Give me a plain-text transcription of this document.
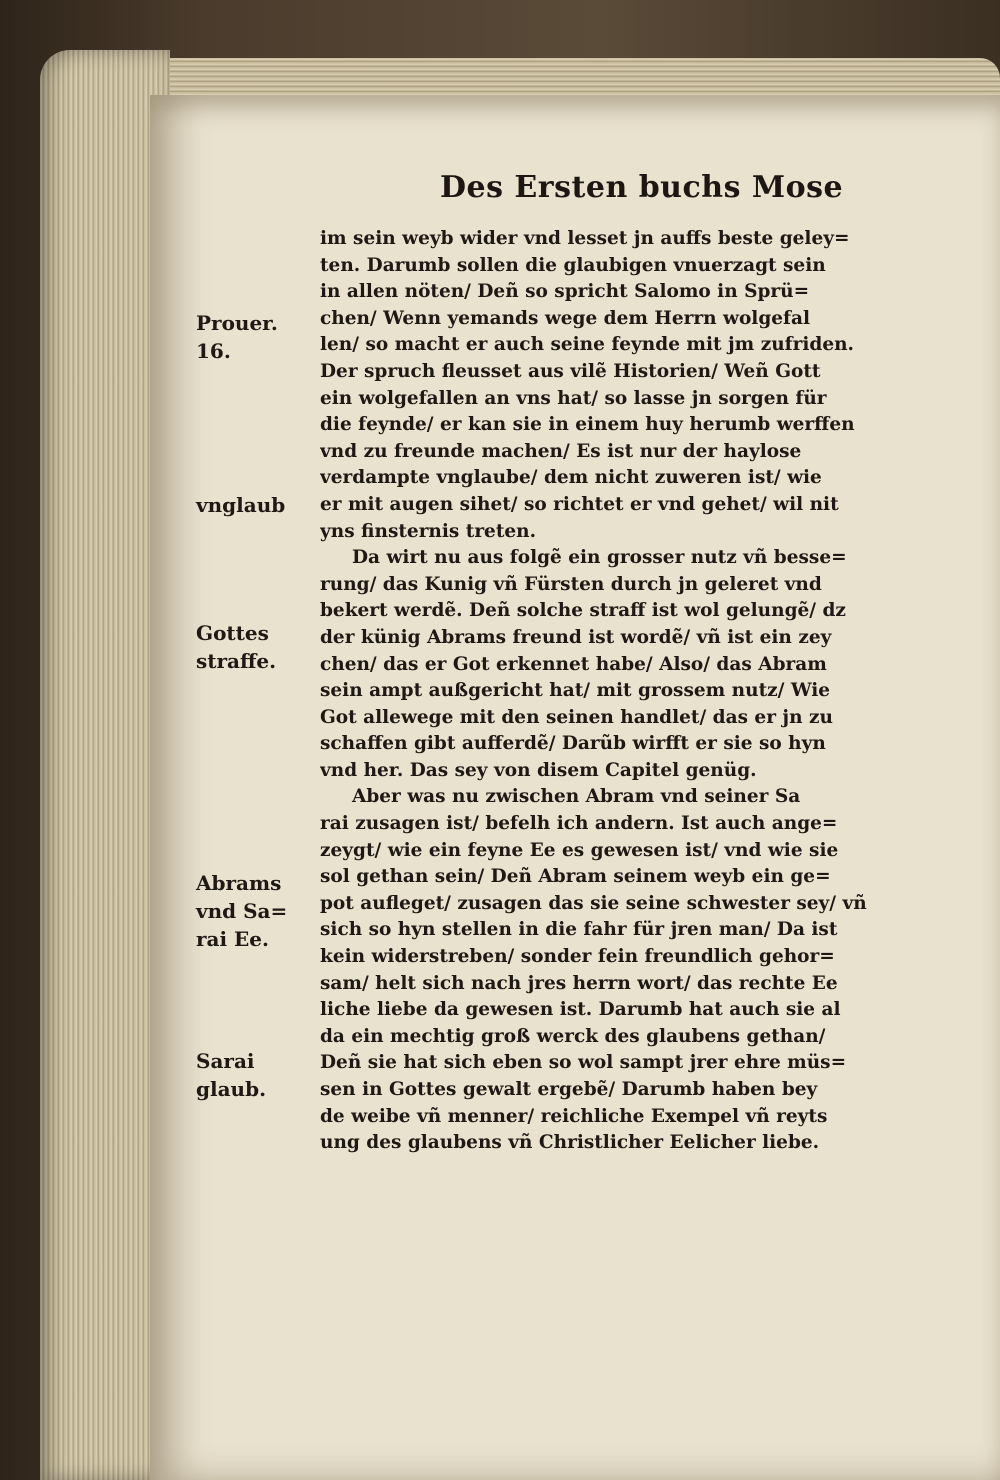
Des Ersten buchs Mose
im sein weyb wider vnd lesset jn auffs beste geley=
ten. Darumb sollen die glaubigen vnuerzagt sein
in allen nöten/ Deñ so spricht Salomo in Sprü=
chen/ Wenn yemands wege dem Herrn wolgefal
len/ so macht er auch seine feynde mit jm zufriden.
Der spruch fleusset aus vilẽ Historien/ Weñ Gott
ein wolgefallen an vns hat/ so lasse jn sorgen für
die feynde/ er kan sie in einem huy herumb werffen
vnd zu freunde machen/ Es ist nur der haylose
verdampte vnglaube/ dem nicht zuweren ist/ wie
er mit augen sihet/ so richtet er vnd gehet/ wil nit
yns finsternis treten.
Da wirt nu aus folgẽ ein grosser nutz vñ besse=
rung/ das Kunig vñ Fürsten durch jn geleret vnd
bekert werdẽ. Deñ solche straff ist wol gelungẽ/ dz
der künig Abrams freund ist wordẽ/ vñ ist ein zey
chen/ das er Got erkennet habe/ Also/ das Abram
sein ampt außgericht hat/ mit grossem nutz/ Wie
Got allewege mit den seinen handlet/ das er jn zu
schaffen gibt aufferdẽ/ Darũb wirfft er sie so hyn
vnd her. Das sey von disem Capitel genüg.
Aber was nu zwischen Abram vnd seiner Sa
rai zusagen ist/ befelh ich andern. Ist auch ange=
zeygt/ wie ein feyne Ee es gewesen ist/ vnd wie sie
sol gethan sein/ Deñ Abram seinem weyb ein ge=
pot aufleget/ zusagen das sie seine schwester sey/ vñ
sich so hyn stellen in die fahr für jren man/ Da ist
kein widerstreben/ sonder fein freundlich gehor=
sam/ helt sich nach jres herrn wort/ das rechte Ee
liche liebe da gewesen ist. Darumb hat auch sie al
da ein mechtig groß werck des glaubens gethan/
Deñ sie hat sich eben so wol sampt jrer ehre müs=
sen in Gottes gewalt ergebẽ/ Darumb haben bey
de weibe vñ menner/ reichliche Exempel vñ reyts
ung des glaubens vñ Christlicher Eelicher liebe.
Prouer.
16.
vnglaub
Gottes
straffe.
Abrams
vnd Sa=
rai Ee.
Sarai
glaub.
